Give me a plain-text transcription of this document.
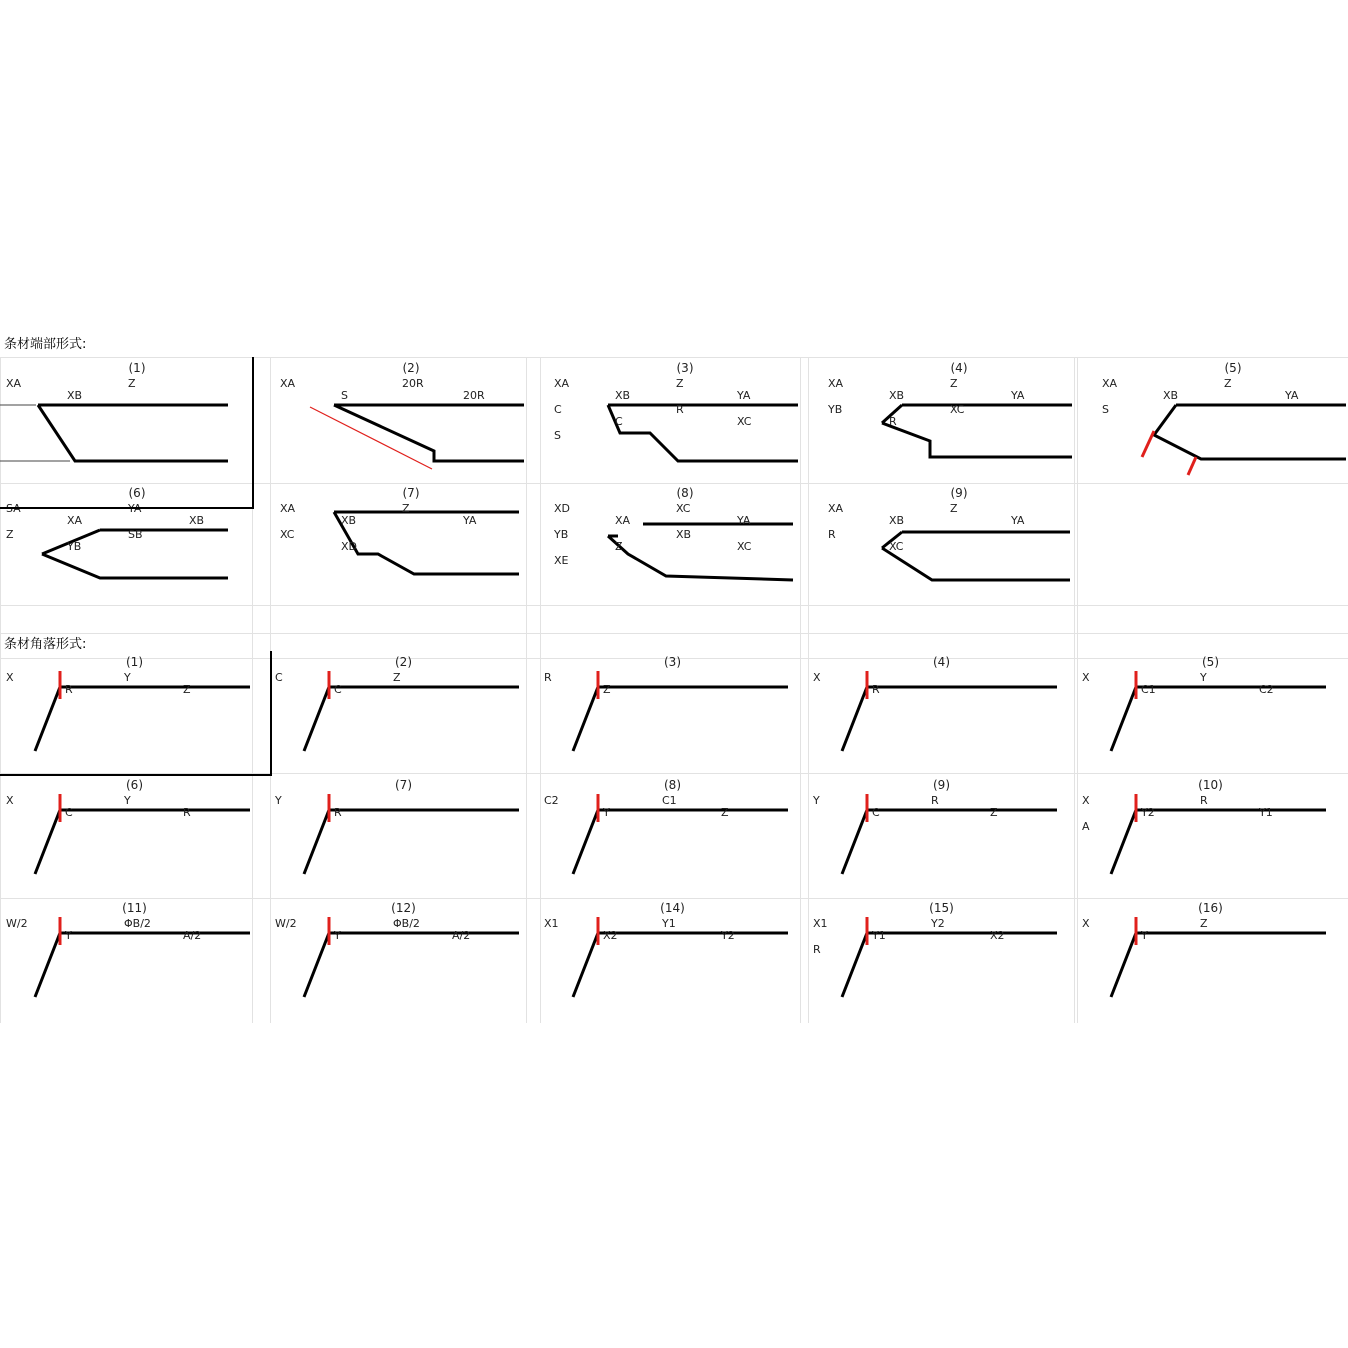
条材端部形式:
条材角落形式:
(1)
XA
XB
Z
(2)
XA
S
20R
20R
(3)
XA
XB
Z
YA
C
C
R
XC
S
(4)
XA
XB
Z
YA
YB
R
XC
(5)
XA
XB
Z
YA
S
(6)
SA
XA
YA
XB
Z
YB
SB
(7)
XA
XB
Z
YA
XC
XD
(8)
XD
XA
XC
YA
YB
Z
XB
XC
XE
(9)
XA
XB
Z
YA
R
XC
(1)
X
R
Y
Z
(2)
C
C
Z
(3)
R
Z
(4)
X
R
(5)
X
C1
Y
C2
(6)
X
C
Y
R
(7)
Y
R
(8)
C2
Y
C1
Z
(9)
Y
C
R
Z
(10)
X
Y2
R
Y1
A
(11)
W/2
Y
ΦB/2
A/2
(12)
W/2
Y
ΦB/2
A/2
(14)
X1
X2
Y1
Y2
(15)
X1
Y1
Y2
X2
R
(16)
X
Y
Z
